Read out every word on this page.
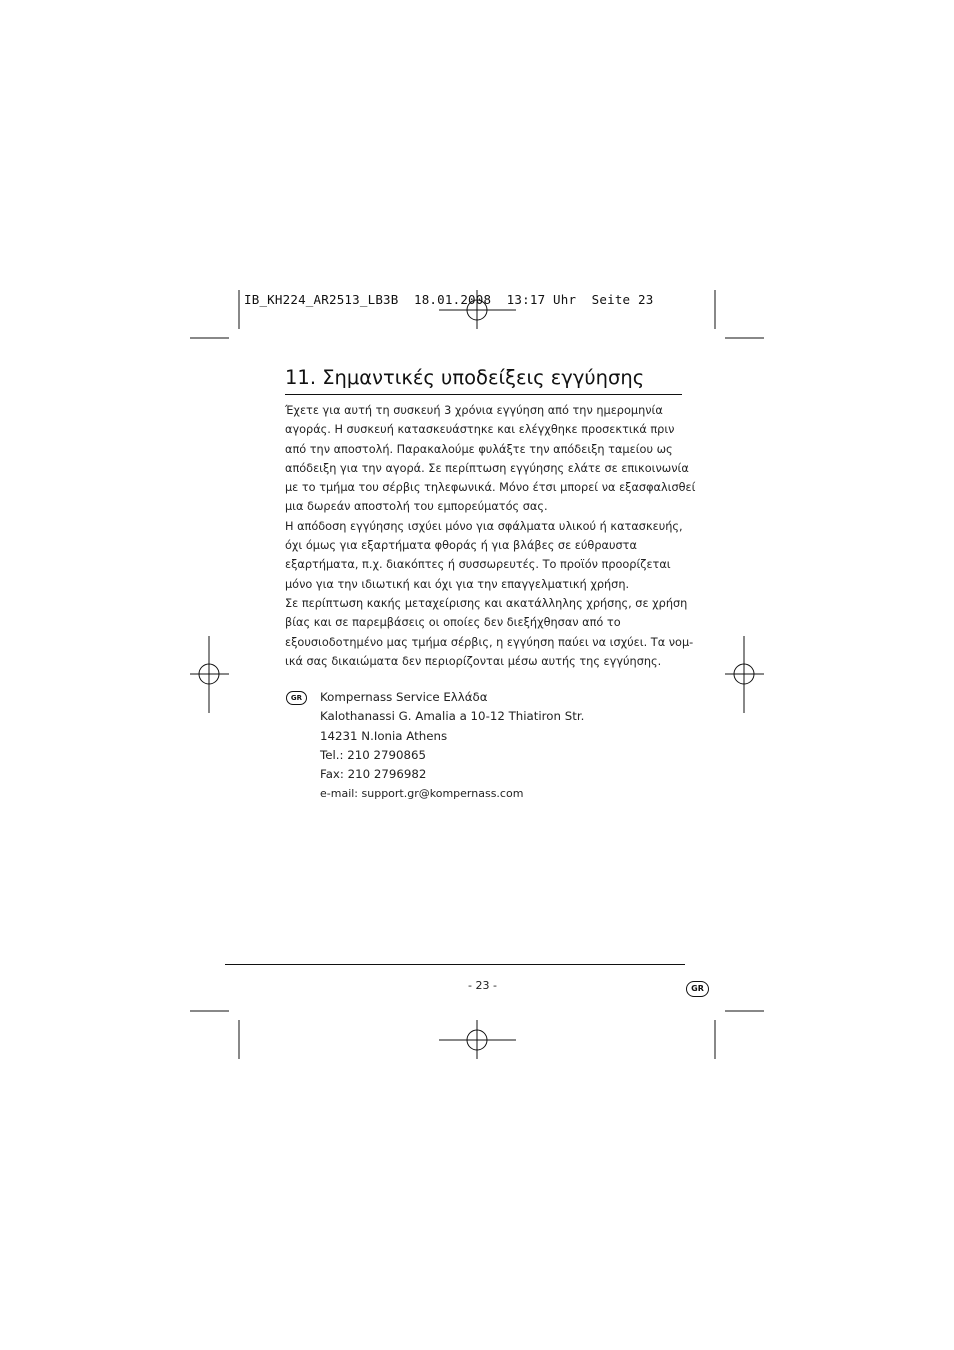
IB_KH224_AR2513_LB3B  18.01.2008  13:17 Uhr  Seite 23
11. Σημαντικές υποδείξεις εγγύησης
Έχετε για αυτή τη συσκευή 3 χρόνια εγγύηση από την ημερομηνία
αγοράς. Η συσκευή κατασκευάστηκε και ελέγχθηκε προσεκτικά πριν
από την αποστολή. Παρακαλούμε φυλάξτε την απόδειξη ταμείου ως
απόδειξη για την αγορά. Σε περίπτωση εγγύησης ελάτε σε επικοινωνία
με το τμήμα του σέρβις τηλεφωνικά. Μόνο έτσι μπορεί να εξασφαλισθεί
μια δωρεάν αποστολή του εμπορεύματός σας.
Η απόδοση εγγύησης ισχύει μόνο για σφάλματα υλικού ή κατασκευής,
όχι όμως για εξαρτήματα φθοράς ή για βλάβες σε εύθραυστα
εξαρτήματα, π.χ. διακόπτες ή συσσωρευτές. Το προϊόν προορίζεται
μόνο για την ιδιωτική και όχι για την επαγγελματική χρήση.
Σε περίπτωση κακής μεταχείρισης και ακατάλληλης χρήσης, σε χρήση
βίας και σε παρεμβάσεις οι οποίες δεν διεξήχθησαν από το
εξουσιοδοτημένο μας τμήμα σέρβις, η εγγύηση παύει να ισχύει. Τα νομ-
ικά σας δικαιώματα δεν περιορίζονται μέσω αυτής της εγγύησης.
GR	Kompernass Service Ελλάδα
Kalothanassi G. Amalia a 10-12 Thiatiron Str.
14231 N.Ionia Athens
Tel.: 210 2790865
Fax: 210 2796982
e-mail: support.gr@kompernass.com
- 23 -	GR
